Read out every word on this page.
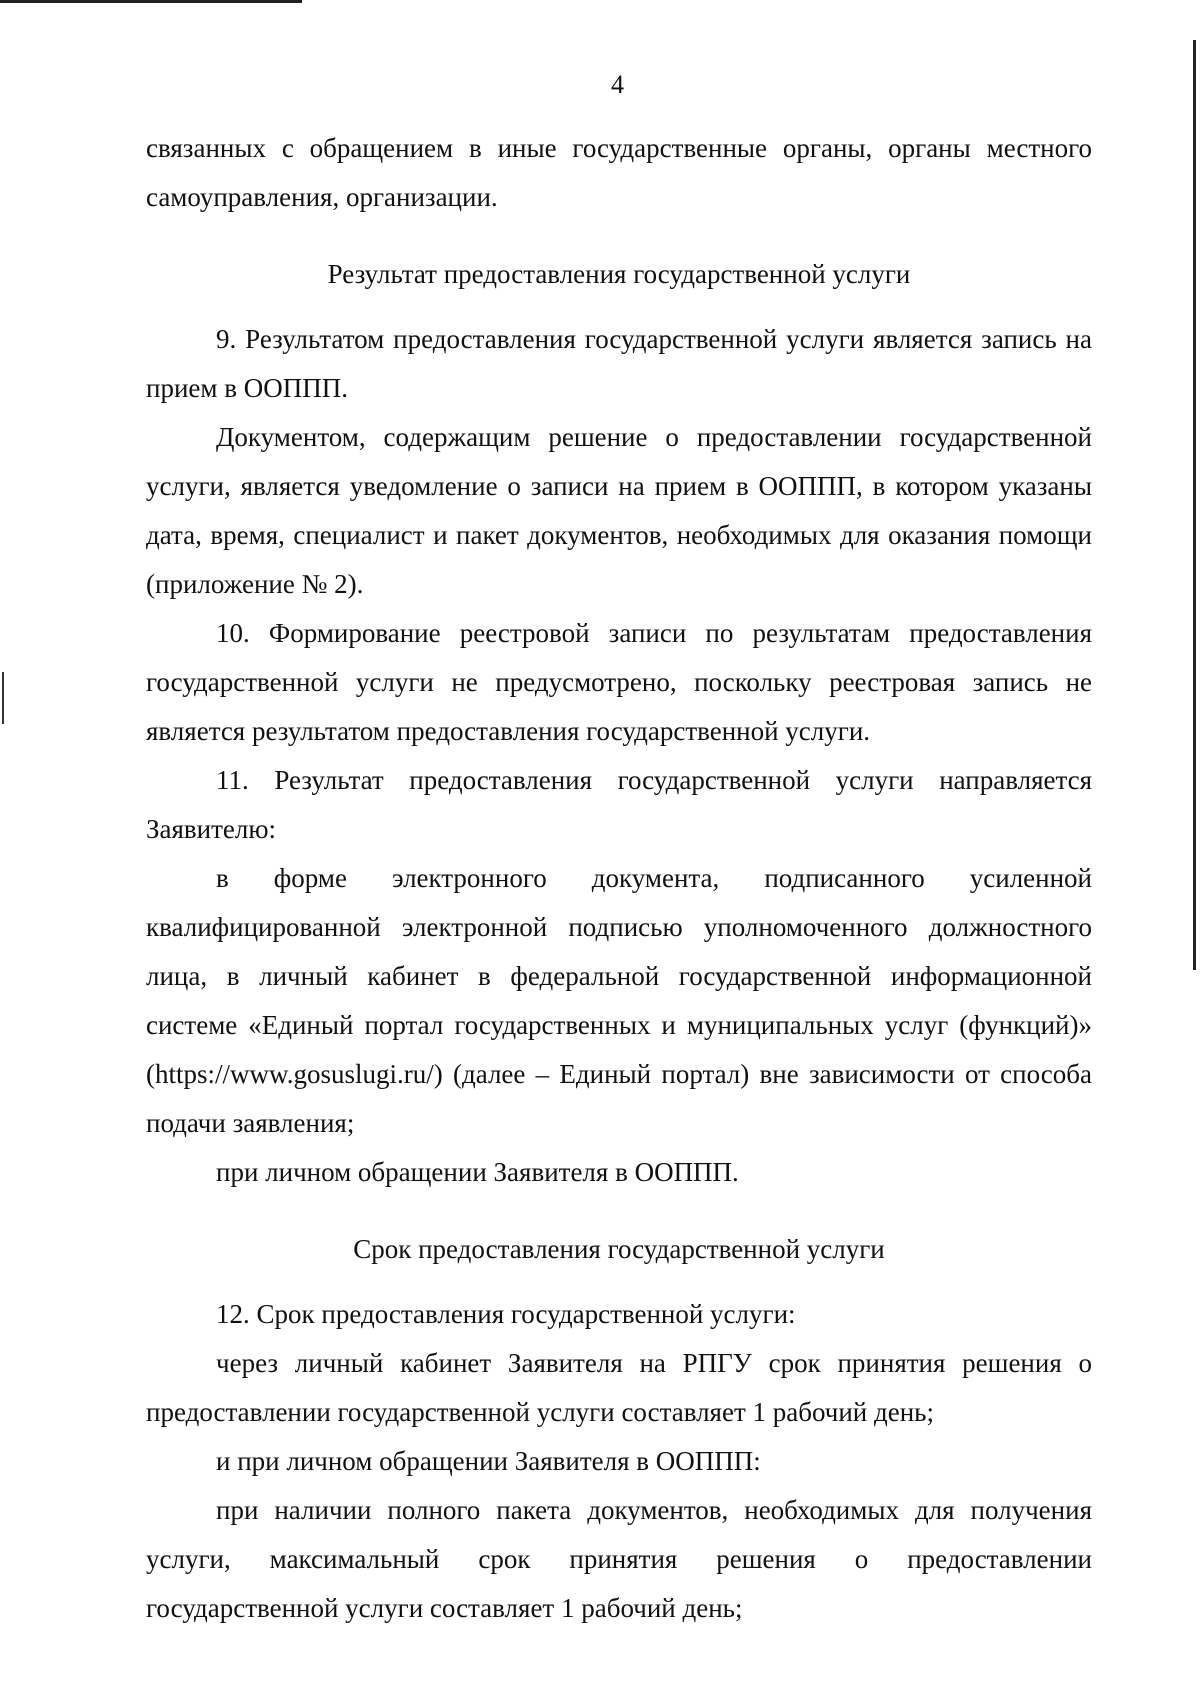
4

связанных с обращением в иные государственные органы, органы местного самоуправления, организации.

Результат предоставления государственной услуги

9. Результатом предоставления государственной услуги является запись на прием в ООППП.

Документом, содержащим решение о предоставлении государственной услуги, является уведомление о записи на прием в ООППП, в котором указаны дата, время, специалист и пакет документов, необходимых для оказания помощи (приложение № 2).

10. Формирование реестровой записи по результатам предоставления государственной услуги не предусмотрено, поскольку реестровая запись не является результатом предоставления государственной услуги.

11. Результат предоставления государственной услуги направляется Заявителю:

в форме электронного документа, подписанного усиленной квалифицированной электронной подписью уполномоченного должностного лица, в личный кабинет в федеральной государственной информационной системе «Единый портал государственных и муниципальных услуг (функций)» (https://www.gosuslugi.ru/) (далее – Единый портал) вне зависимости от способа подачи заявления;

при личном обращении Заявителя в ООППП.

Срок предоставления государственной услуги

12. Срок предоставления государственной услуги:

через личный кабинет Заявителя на РПГУ срок принятия решения о предоставлении государственной услуги составляет 1 рабочий день;

и при личном обращении Заявителя в ООППП:

при наличии полного пакета документов, необходимых для получения услуги, максимальный срок принятия решения о предоставлении государственной услуги составляет 1 рабочий день;
